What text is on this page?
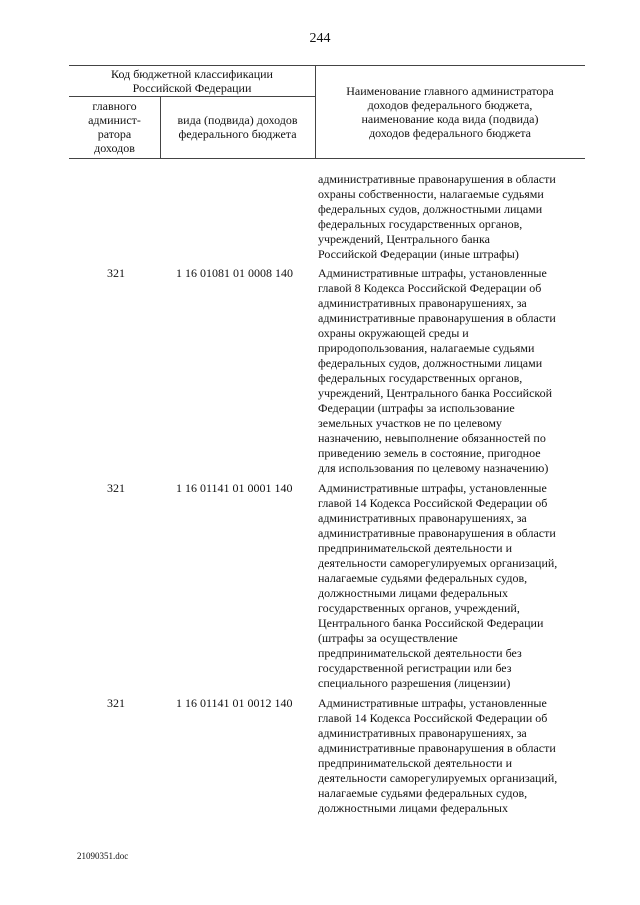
244
Код бюджетной классификации
Российской Федерации
главного
админист-
ратора
доходов
вида (подвида) доходов
федерального бюджета
Наименование главного администратора
доходов федерального бюджета,
наименование кода вида (подвида)
доходов федерального бюджета
административные правонарушения в области
охраны собственности, налагаемые судьями
федеральных судов, должностными лицами
федеральных государственных органов,
учреждений, Центрального банка
Российской Федерации (иные штрафы)
321	1 16 01081 01 0008 140 Административные штрафы, установленные
главой 8 Кодекса Российской Федерации об
административных правонарушениях, за
административные правонарушения в области
охраны окружающей среды и
природопользования, налагаемые судьями
федеральных судов, должностными лицами
федеральных государственных органов,
учреждений, Центрального банка Российской
Федерации (штрафы за использование
земельных участков не по целевому
назначению, невыполнение обязанностей по
приведению земель в состояние, пригодное
для использования по целевому назначению)
321	1 16 01141 01 0001 140 Административные штрафы, установленные
главой 14 Кодекса Российской Федерации об
административных правонарушениях, за
административные правонарушения в области
предпринимательской деятельности и
деятельности саморегулируемых организаций,
налагаемые судьями федеральных судов,
должностными лицами федеральных
государственных органов, учреждений,
Центрального банка Российской Федерации
(штрафы за осуществление
предпринимательской деятельности без
государственной регистрации или без
специального разрешения (лицензии)
321	1 16 01141 01 0012 140 Административные штрафы, установленные
главой 14 Кодекса Российской Федерации об
административных правонарушениях, за
административные правонарушения в области
предпринимательской деятельности и
деятельности саморегулируемых организаций,
налагаемые судьями федеральных судов,
должностными лицами федеральных
21090351.doc
